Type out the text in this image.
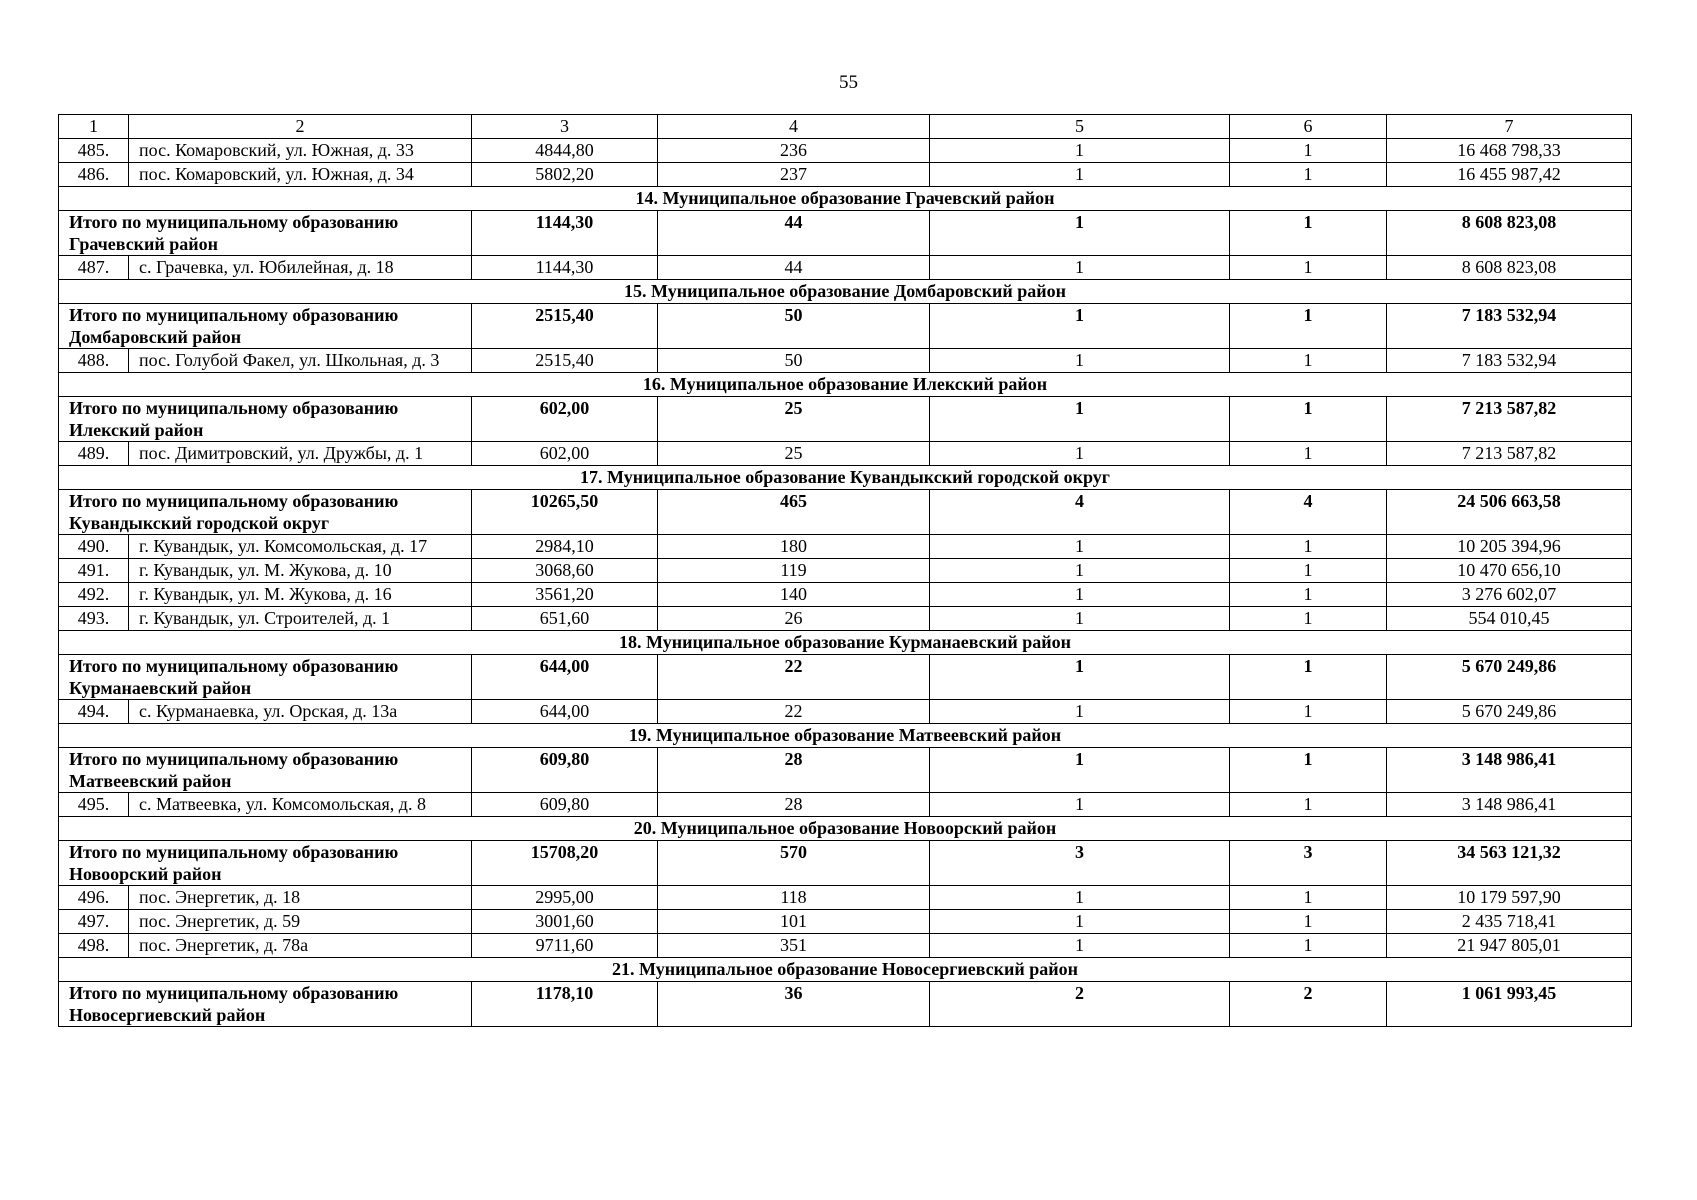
55
1	2	3	4	5	6	7
485.	пос. Комаровский, ул. Южная, д. 33	4844,80	236	1	1	16 468 798,33
486.	пос. Комаровский, ул. Южная, д. 34	5802,20	237	1	1	16 455 987,42
14. Муниципальное образование Грачевский район						
Итого по муниципальному образованию Грачевский район		1144,30	44	1	1	8 608 823,08
487.	с. Грачевка, ул. Юбилейная, д. 18	1144,30	44	1	1	8 608 823,08
15. Муниципальное образование Домбаровский район						
Итого по муниципальному образованию Домбаровский район		2515,40	50	1	1	7 183 532,94
488.	пос. Голубой Факел, ул. Школьная, д. 3	2515,40	50	1	1	7 183 532,94
16. Муниципальное образование Илекский район						
Итого по муниципальному образованию Илекский район		602,00	25	1	1	7 213 587,82
489.	пос. Димитровский, ул. Дружбы, д. 1	602,00	25	1	1	7 213 587,82
17. Муниципальное образование Кувандыкский городской округ						
Итого по муниципальному образованию Кувандыкский городской округ		10265,50	465	4	4	24 506 663,58
490.	г. Кувандык, ул. Комсомольская, д. 17	2984,10	180	1	1	10 205 394,96
491.	г. Кувандык, ул. М. Жукова, д. 10	3068,60	119	1	1	10 470 656,10
492.	г. Кувандык, ул. М. Жукова, д. 16	3561,20	140	1	1	3 276 602,07
493.	г. Кувандык, ул. Строителей, д. 1	651,60	26	1	1	554 010,45
18. Муниципальное образование Курманаевский район						
Итого по муниципальному образованию Курманаевский район		644,00	22	1	1	5 670 249,86
494.	с. Курманаевка, ул. Орская, д. 13а	644,00	22	1	1	5 670 249,86
19. Муниципальное образование Матвеевский район						
Итого по муниципальному образованию Матвеевский район		609,80	28	1	1	3 148 986,41
495.	с. Матвеевка, ул. Комсомольская, д. 8	609,80	28	1	1	3 148 986,41
20. Муниципальное образование Новоорский район						
Итого по муниципальному образованию Новоорский район		15708,20	570	3	3	34 563 121,32
496.	пос. Энергетик, д. 18	2995,00	118	1	1	10 179 597,90
497.	пос. Энергетик, д. 59	3001,60	101	1	1	2 435 718,41
498.	пос. Энергетик, д. 78а	9711,60	351	1	1	21 947 805,01
21. Муниципальное образование Новосергиевский район						
Итого по муниципальному образованию Новосергиевский район		1178,10	36	2	2	1 061 993,45
